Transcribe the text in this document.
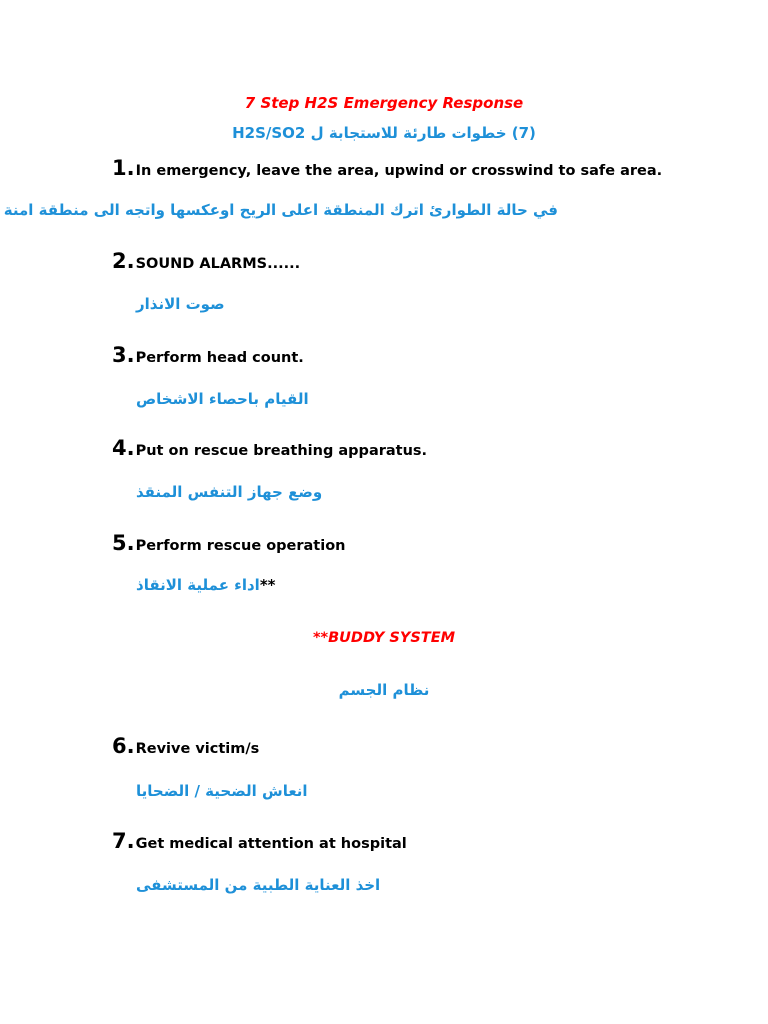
7 Step H2S Emergency Response
(7) خطوات طارئة للاستجابة ل H2S/SO2
1. In emergency, leave the area, upwind or crosswind to safe area.
في حالة الطوارئ اترك المنطقة اعلى الريح اوعكسها واتجه الى منطقة امنة
2. SOUND ALARMS......
صوت الانذار
3. Perform head count.
القيام باحصاء الاشخاص
4. Put on rescue breathing apparatus.
وضع جهاز التنفس المنقذ
5. Perform rescue operation
اداء عملية الانقاذ**
**BUDDY SYSTEM
نظام الجسم
6. Revive victim/s
انعاش الضحية / الضحايا
7. Get medical attention at hospital
اخذ العناية الطبية من المستشفى
